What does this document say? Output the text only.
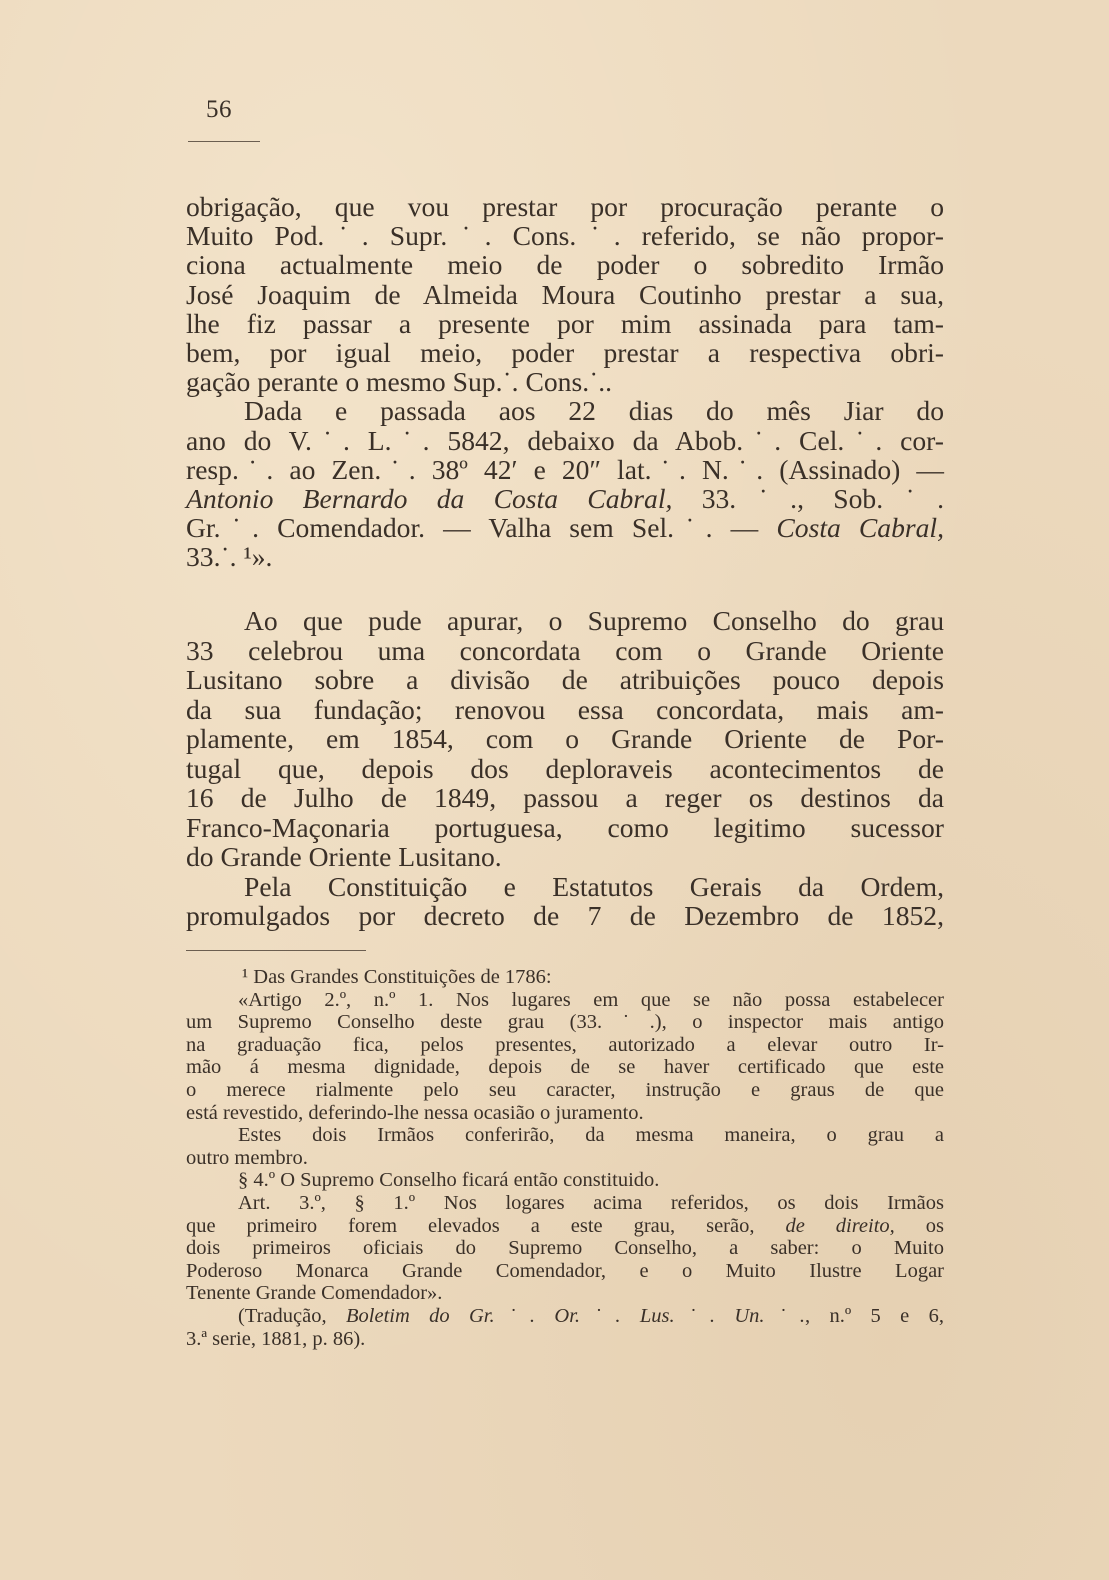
56
obrigação, que vou prestar por procuração perante o
Muito Pod.˙. Supr.˙. Cons.˙. referido, se não propor-
ciona actualmente meio de poder o sobredito Irmão
José Joaquim de Almeida Moura Coutinho prestar a sua,
lhe fiz passar a presente por mim assinada para tam-
bem, por igual meio, poder prestar a respectiva obri-
gação perante o mesmo Sup.˙. Cons.˙..
Dada e passada aos 22 dias do mês Jiar do
ano do V.˙. L.˙. 5842, debaixo da Abob.˙. Cel.˙. cor-
resp.˙. ao Zen.˙. 38º 42′ e 20″ lat.˙. N.˙. (Assinado) —
Antonio Bernardo da Costa Cabral, 33.˙., Sob.˙.
Gr.˙. Comendador. — Valha sem Sel.˙. — Costa Cabral,
33.˙. ¹».
Ao que pude apurar, o Supremo Conselho do grau
33 celebrou uma concordata com o Grande Oriente
Lusitano sobre a divisão de atribuições pouco depois
da sua fundação; renovou essa concordata, mais am-
plamente, em 1854, com o Grande Oriente de Por-
tugal que, depois dos deploraveis acontecimentos de
16 de Julho de 1849, passou a reger os destinos da
Franco-Maçonaria portuguesa, como legitimo sucessor
do Grande Oriente Lusitano.
Pela Constituição e Estatutos Gerais da Ordem,
promulgados por decreto de 7 de Dezembro de 1852,
¹ Das Grandes Constituições de 1786:
«Artigo 2.º, n.º 1. Nos lugares em que se não possa estabelecer
um Supremo Conselho deste grau (33.˙.), o inspector mais antigo
na graduação fica, pelos presentes, autorizado a elevar outro Ir-
mão á mesma dignidade, depois de se haver certificado que este
o merece rialmente pelo seu caracter, instrução e graus de que
está revestido, deferindo-lhe nessa ocasião o juramento.
Estes dois Irmãos conferirão, da mesma maneira, o grau a
outro membro.
§ 4.º O Supremo Conselho ficará então constituido.
Art. 3.º, § 1.º Nos logares acima referidos, os dois Irmãos
que primeiro forem elevados a este grau, serão, de direito, os
dois primeiros oficiais do Supremo Conselho, a saber: o Muito
Poderoso Monarca Grande Comendador, e o Muito Ilustre Logar
Tenente Grande Comendador».
(Tradução, Boletim do Gr.˙. Or.˙. Lus.˙. Un.˙., n.º 5 e 6,
3.ª serie, 1881, p. 86).
